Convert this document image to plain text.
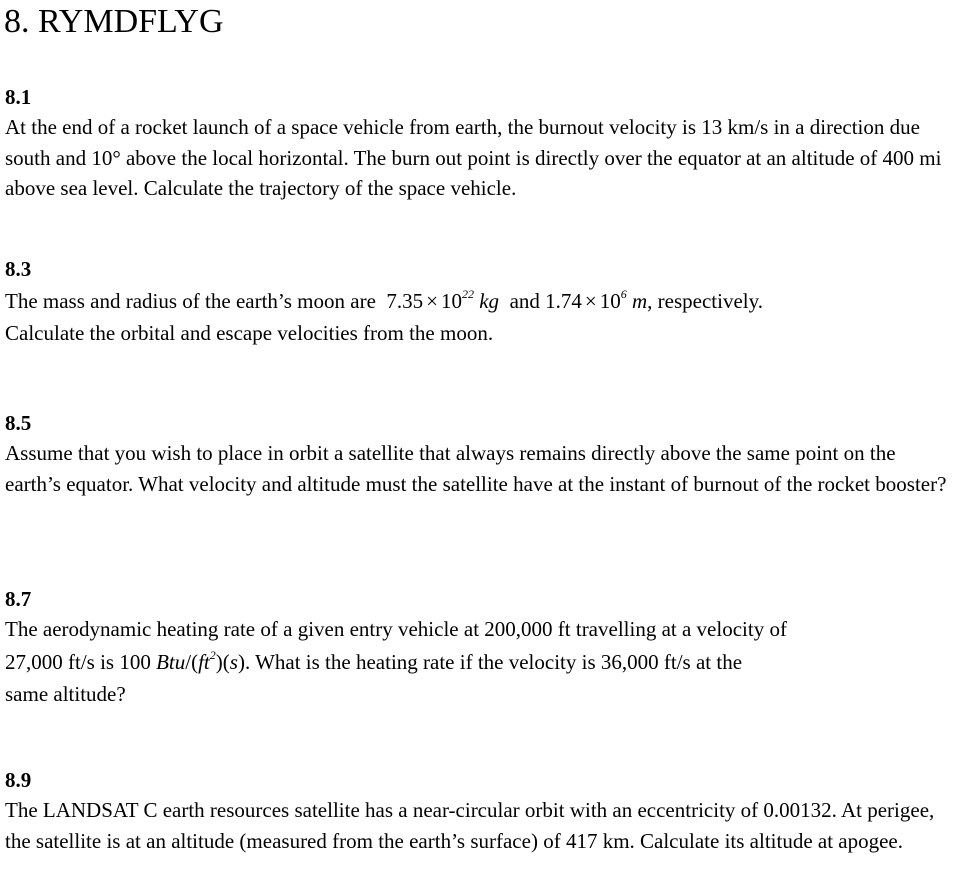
8. RYMDFLYG
8.1
At the end of a rocket launch of a space vehicle from earth, the burnout velocity is 13 km/s in a direction due south and 10° above the local horizontal. The burn out point is directly over the equator at an altitude of 400 mi above sea level. Calculate the trajectory of the space vehicle.
8.3
The mass and radius of the earth’s moon are $7.35 \times 10^{22}$ kg and $1.74 \times 10^6$ m, respectively.
Calculate the orbital and escape velocities from the moon.
8.5
Assume that you wish to place in orbit a satellite that always remains directly above the same point on the earth’s equator. What velocity and altitude must the satellite have at the instant of burnout of the rocket booster?
8.7
The aerodynamic heating rate of a given entry vehicle at 200,000 ft travelling at a velocity of
27,000 ft/s is 100 Btu/$(ft^2)(s)$. What is the heating rate if the velocity is 36,000 ft/s at the
same altitude?
8.9
The LANDSAT C earth resources satellite has a near-circular orbit with an eccentricity of 0.00132. At perigee, the satellite is at an altitude (measured from the earth’s surface) of 417 km. Calculate its altitude at apogee.
